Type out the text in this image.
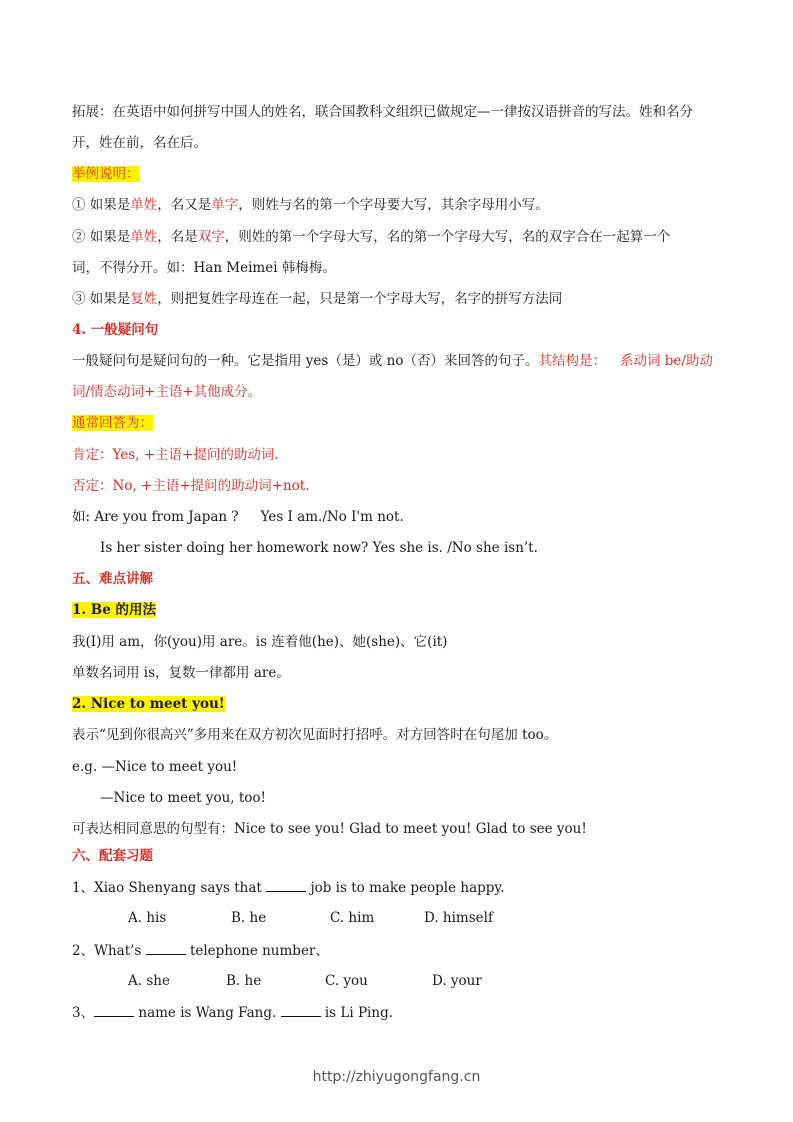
拓展：在英语中如何拼写中国人的姓名，联合国教科文组织已做规定—一律按汉语拼音的写法。姓和名分
开，姓在前，名在后。
举例说明：
① 如果是单姓，名又是单字，则姓与名的第一个字母要大写，其余字母用小写。
② 如果是单姓，名是双字，则姓的第一个字母大写，名的第一个字母大写，名的双字合在一起算一个
词，不得分开。如：Han Meimei 韩梅梅。
③ 如果是复姓，则把复姓字母连在一起，只是第一个字母大写，名字的拼写方法同
4. 一般疑问句
一般疑问句是疑问句的一种。它是指用 yes（是）或 no（否）来回答的句子。其结构是： 系动词 be/助动
词/情态动词+主语+其他成分。
通常回答为：
肯定：Yes, +主语+提问的助动词.
否定：No, +主语+提问的助动词+not.
如: Are you from Japan ? Yes I am./No I'm not.
Is her sister doing her homework now? Yes she is. /No she isn’t.
五、难点讲解
1. Be 的用法
我(I)用 am，你(you)用 are。is 连着他(he)、她(she)、它(it)
单数名词用 is，复数一律都用 are。
2. Nice to meet you!
表示“见到你很高兴”多用来在双方初次见面时打招呼。对方回答时在句尾加 too。
e.g. —Nice to meet you!
—Nice to meet you, too!
可表达相同意思的句型有：Nice to see you! Glad to meet you! Glad to see you!
六、配套习题
1、Xiao Shenyang says that	job is to make people happy.
A. his	B. he	C. him	D. himself
2、What’s	telephone number、
A. she	B. he	C. you	D. your
3、	name is Wang Fang.	is Li Ping.
http://zhiyugongfang.cn
